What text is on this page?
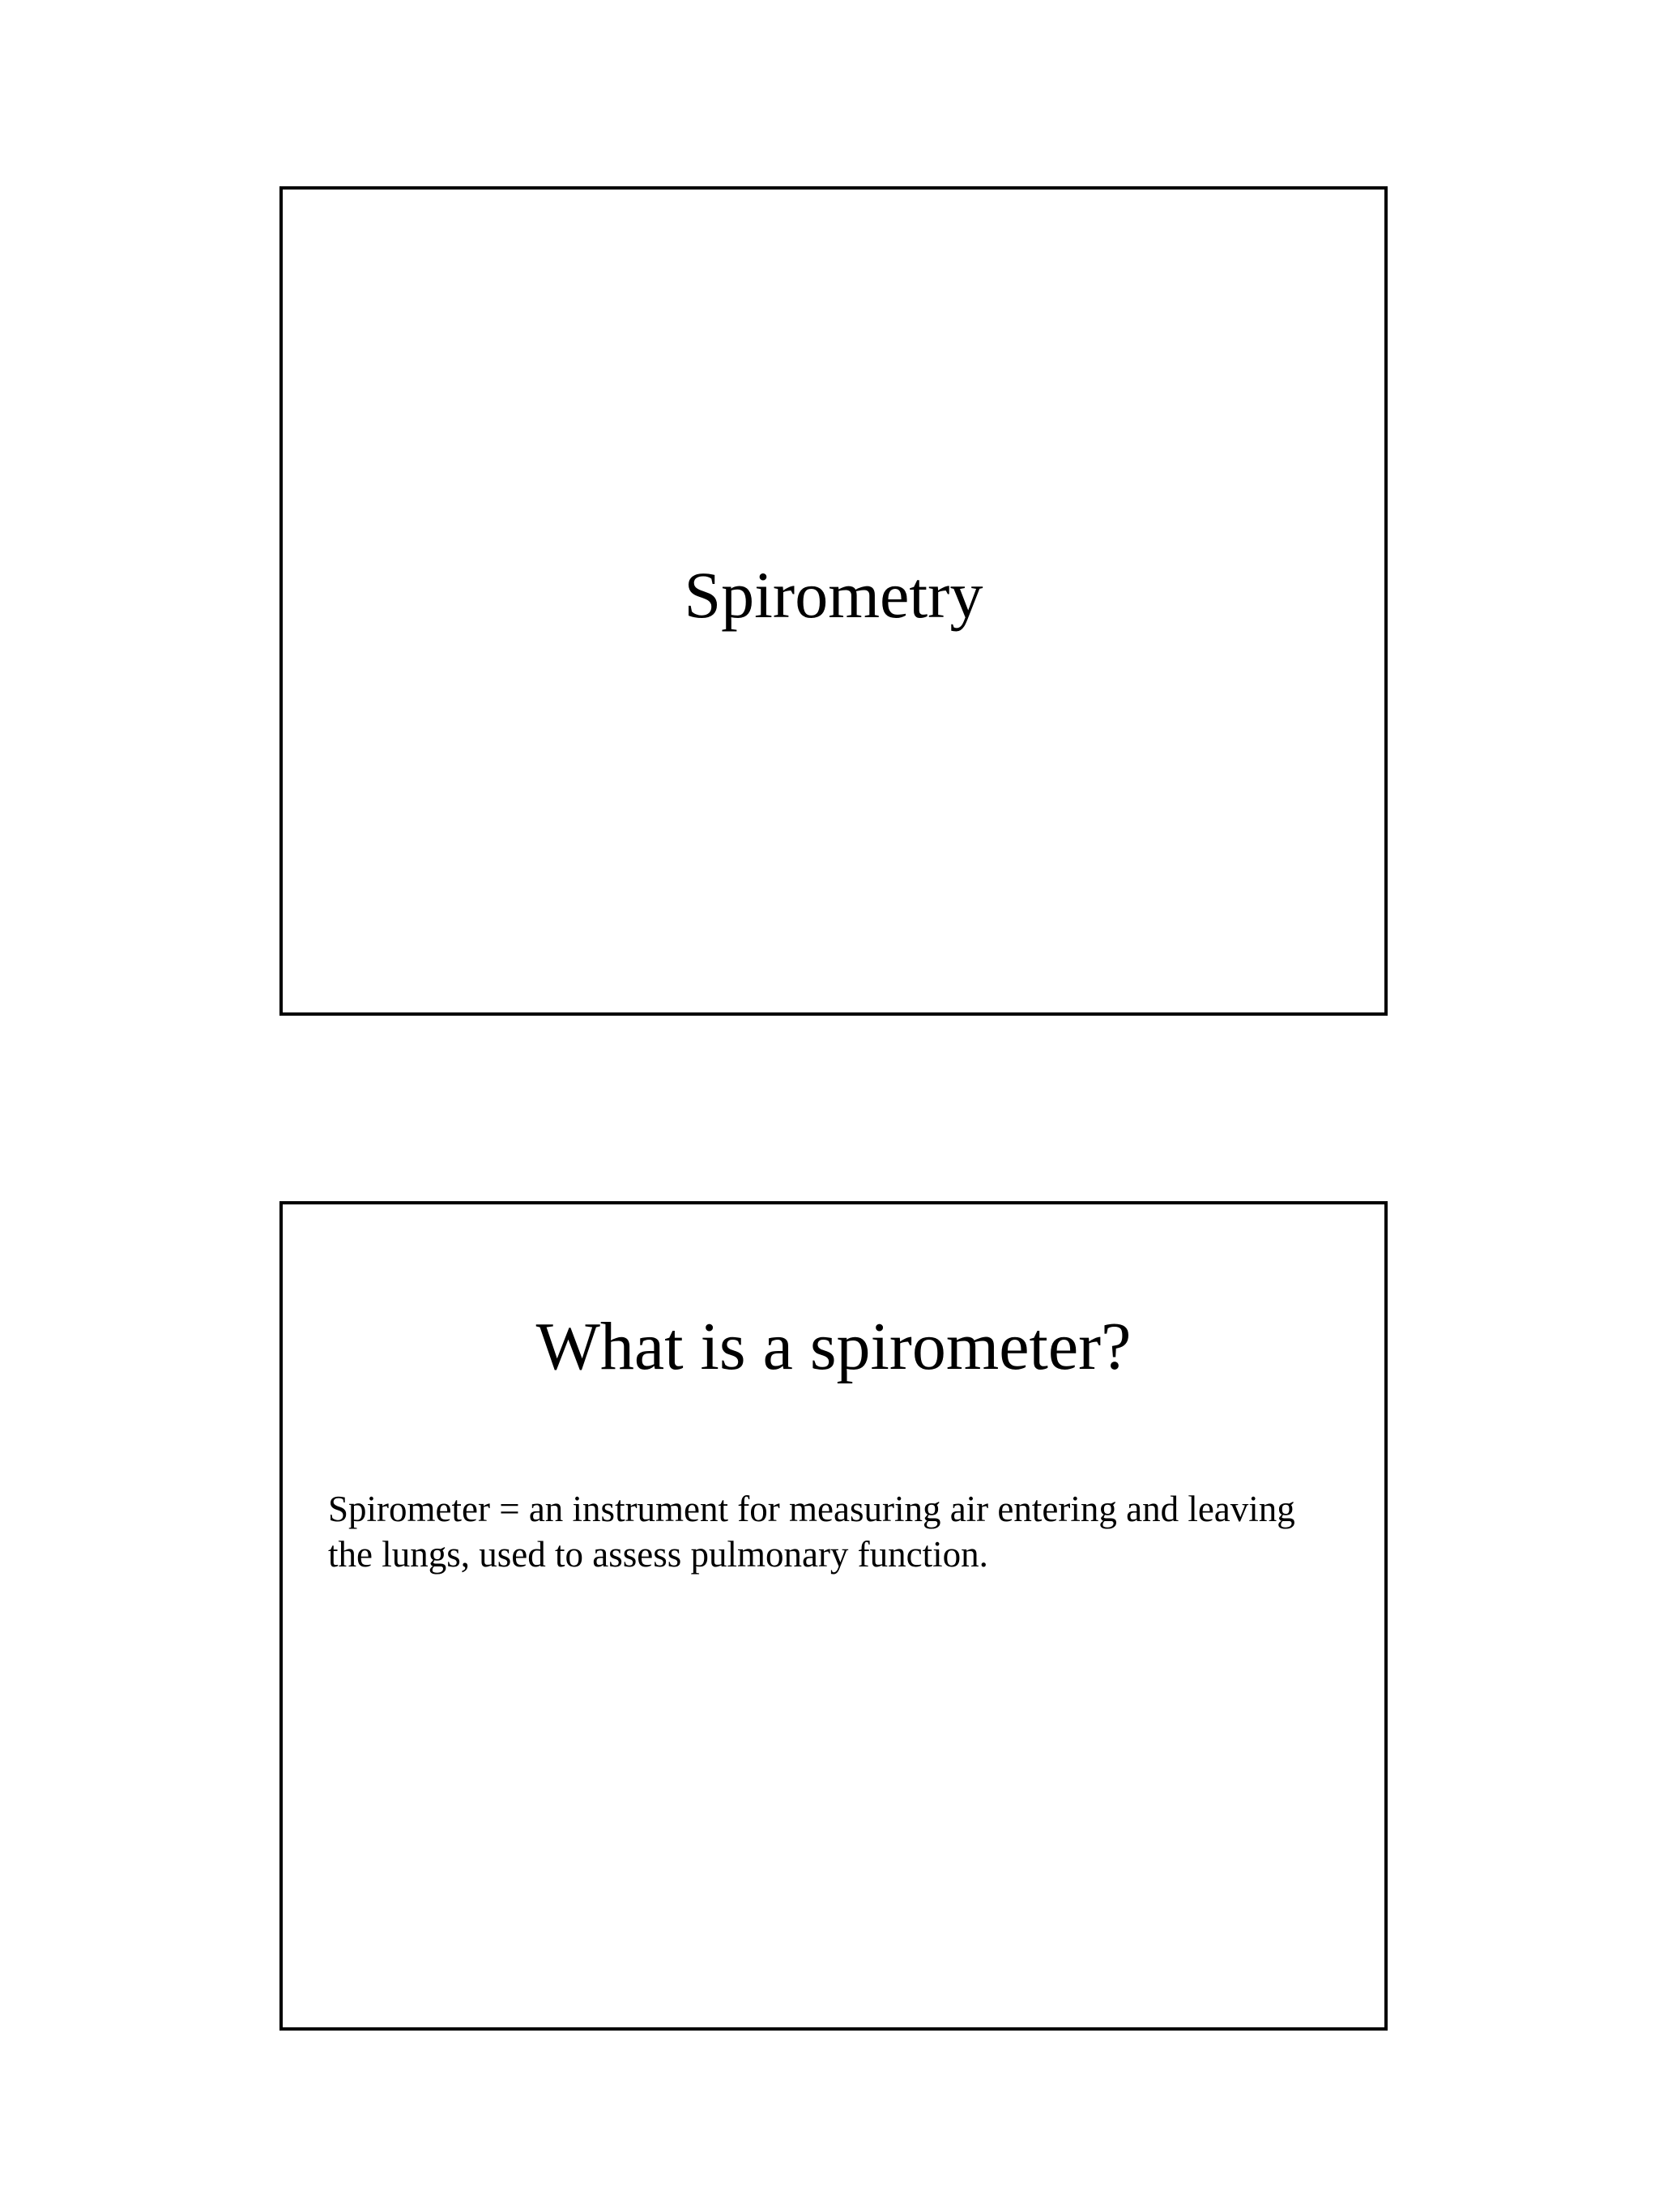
Spirometry
What is a spirometer?

Spirometer = an instrument for measuring air entering and leaving the lungs, used to assess pulmonary function.
